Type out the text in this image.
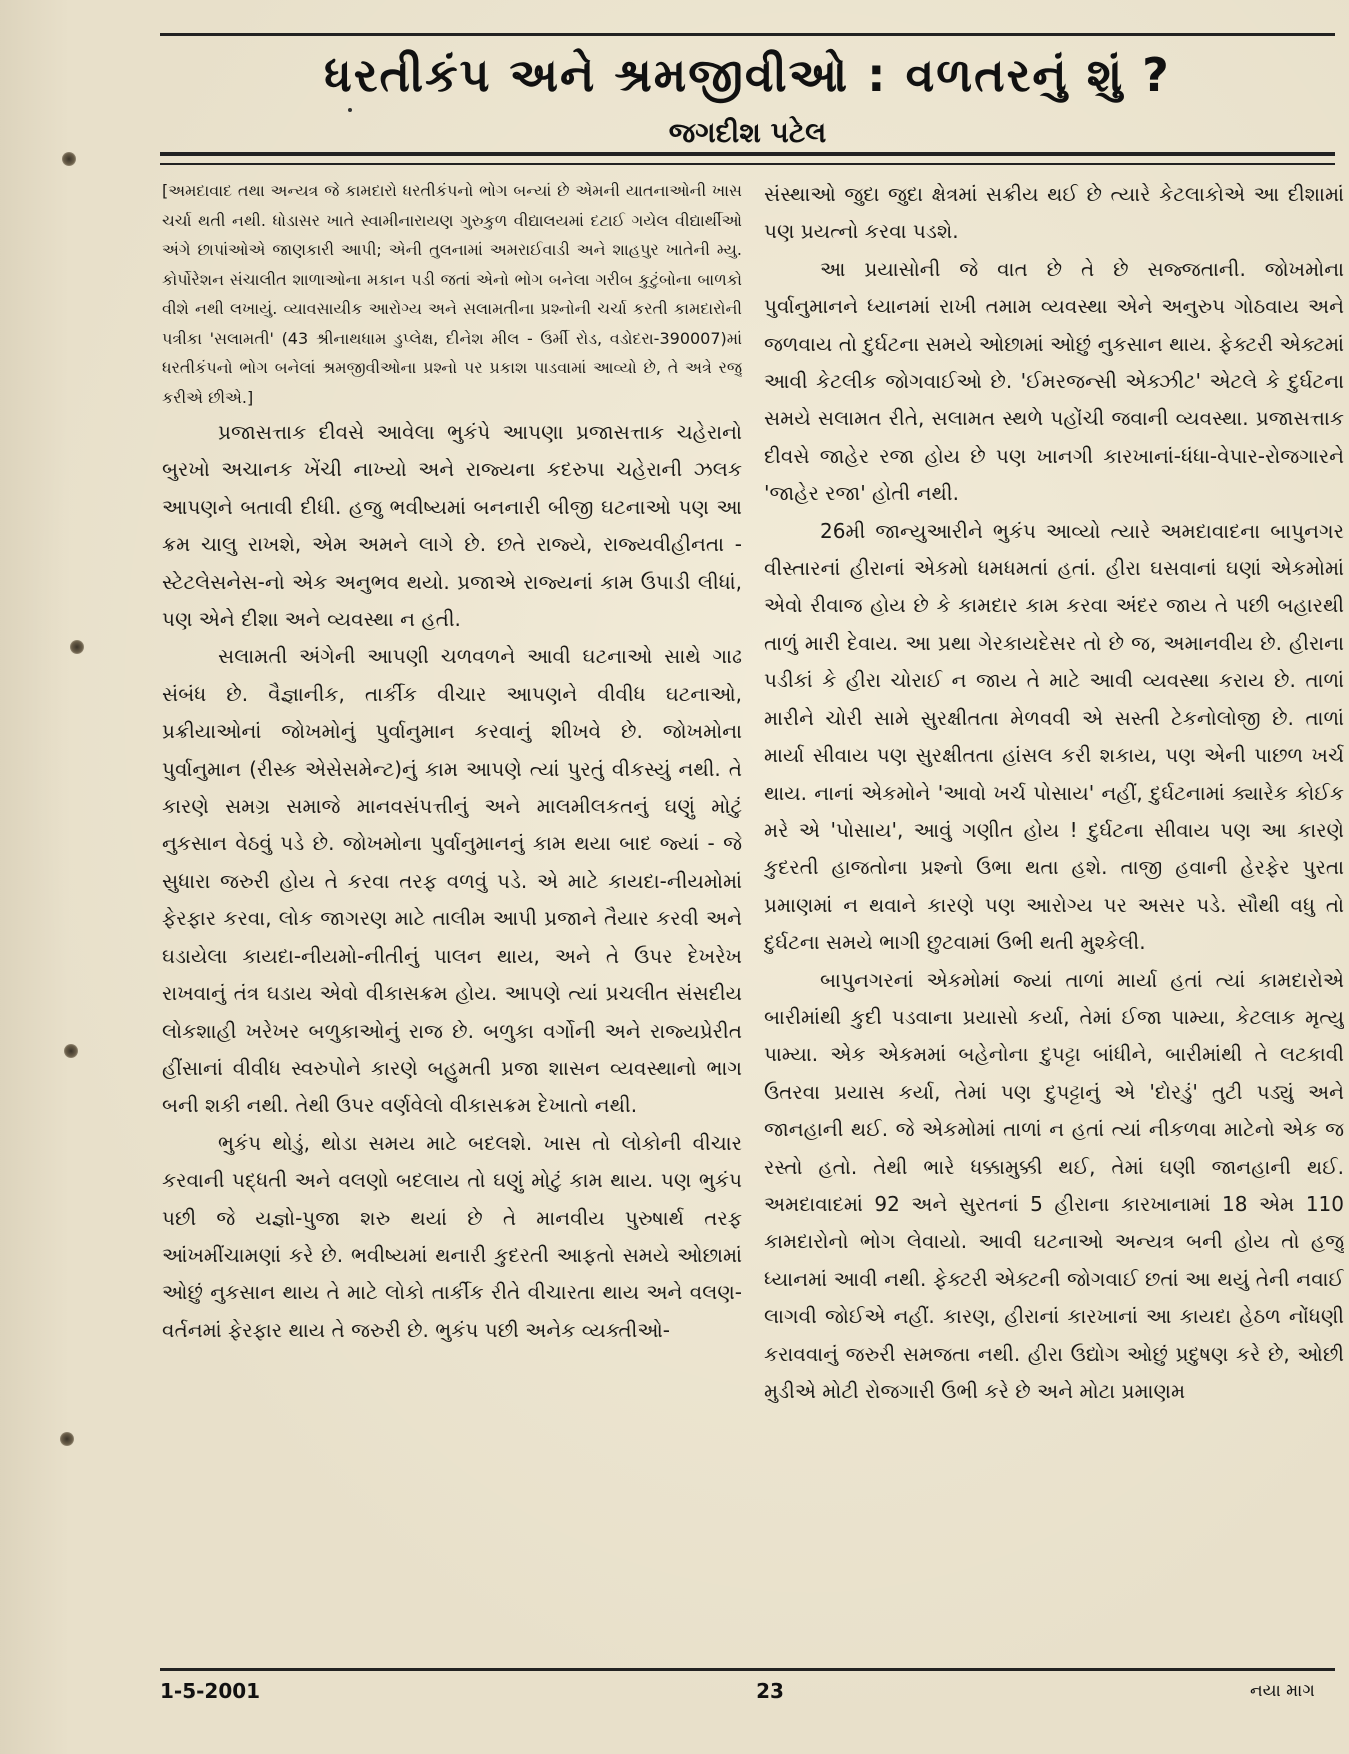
ધરતીકંપ અને શ્રમજીવીઓ : વળતરનું શું ?
જગદીશ પટેલ

[અમદાવાદ તથા અન્યત્ર જે કામદારો ધરતીકંપનો ભોગ બન્યાં છે એમની યાતનાઓની ખાસ ચર્ચા થતી નથી. ધોડાસર ખાતે સ્વામીનારાયણ ગુરુકુળ વીદ્યાલયમાં દટાઈ ગયેલ વીદ્યાર્થીઓ અંગે છાપાંઓએ જાણકારી આપી; એની તુલનામાં અમરાઈવાડી અને શાહપુર ખાતેની મ્યુ. કોર્પોરેશન સંચાલીત શાળાઓના મકાન પડી જતાં એનો ભોગ બનેલા ગરીબ કુટુંબોના બાળકો વીશે નથી લખાયું. વ્યાવસાયીક આરોગ્ય અને સલામતીના પ્રશ્નોની ચર્ચા કરતી કામદારોની પત્રીકા 'સલામતી' (43 શ્રીનાથધામ ડુપ્લેક્ષ, દીનેશ મીલ - ઉર્મી રોડ, વડોદરા-390007)માં ધરતીકંપનો ભોગ બનેલાં શ્રમજીવીઓના પ્રશ્નો પર પ્રકાશ પાડવામાં આવ્યો છે, તે અત્રે રજુ કરીએ છીએ.]

પ્રજાસત્તાક દીવસે આવેલા ભુકંપે આપણા પ્રજાસત્તાક ચહેરાનો બુરખો અચાનક ખેંચી નાખ્યો અને રાજ્યના કદરુપા ચહેરાની ઝલક આપણને બતાવી દીધી. હજુ ભવીષ્યમાં બનનારી બીજી ઘટનાઓ પણ આ ક્રમ ચાલુ રાખશે, એમ અમને લાગે છે. છતે રાજ્યે, રાજ્યવીહીનતા - સ્ટેટલેસનેસ-નો એક અનુભવ થયો. પ્રજાએ રાજ્યનાં કામ ઉપાડી લીધાં, પણ એને દીશા અને વ્યવસ્થા ન હતી.

સલામતી અંગેની આપણી ચળવળને આવી ઘટનાઓ સાથે ગાઢ સંબંધ છે. વૈજ્ઞાનીક, તાર્કીક વીચાર આપણને વીવીધ ઘટનાઓ, પ્રક્રીયાઓનાં જોખમોનું પુર્વાનુમાન કરવાનું શીખવે છે. જોખમોના પુર્વાનુમાન (રીસ્ક એસેસમેન્ટ)નું કામ આપણે ત્યાં પુરતું વીકસ્યું નથી. તે કારણે સમગ્ર સમાજે માનવસંપત્તીનું અને માલમીલકતનું ઘણું મોટું નુકસાન વેઠવું પડે છે. જોખમોના પુર્વાનુમાનનું કામ થયા બાદ જ્યાં - જે સુધારા જરુરી હોય તે કરવા તરફ વળવું પડે. એ માટે કાયદા-નીયમોમાં ફેરફાર કરવા, લોક જાગરણ માટે તાલીમ આપી પ્રજાને તૈયાર કરવી અને ઘડાયેલા કાયદા-નીયમો-નીતીનું પાલન થાય, અને તે ઉપર દેખરેખ રાખવાનું તંત્ર ઘડાય એવો વીકાસક્રમ હોય. આપણે ત્યાં પ્રચલીત સંસદીય લોકશાહી ખરેખર બળુકાઓનું રાજ છે. બળુકા વર્ગોની અને રાજ્યપ્રેરીત હીંસાનાં વીવીધ સ્વરુપોને કારણે બહુમતી પ્રજા શાસન વ્યવસ્થાનો ભાગ બની શકી નથી. તેથી ઉપર વર્ણવેલો વીકાસક્રમ દેખાતો નથી.

ભુકંપ થોડું, થોડા સમય માટે બદલશે. ખાસ તો લોકોની વીચાર કરવાની પદ્ધતી અને વલણો બદલાય તો ઘણું મોટું કામ થાય. પણ ભુકંપ પછી જે યજ્ઞો-પુજા શરુ થયાં છે તે માનવીય પુરુષાર્થ તરફ આંખમીંચામણાં કરે છે. ભવીષ્યમાં થનારી કુદરતી આફતો સમયે ઓછામાં ઓછું નુકસાન થાય તે માટે લોકો તાર્કીક રીતે વીચારતા થાય અને વલણ-વર્તનમાં ફેરફાર થાય તે જરુરી છે. ભુકંપ પછી અનેક વ્યક્તીઓ-

સંસ્થાઓ જુદા જુદા ક્ષેત્રમાં સક્રીય થઈ છે ત્યારે કેટલાકોએ આ દીશામાં પણ પ્રયત્નો કરવા પડશે.

આ પ્રયાસોની જે વાત છે તે છે સજ્જતાની. જોખમોના પુર્વાનુમાનને ધ્યાનમાં રાખી તમામ વ્યવસ્થા એને અનુરુપ ગોઠવાય અને જળવાય તો દુર્ઘટના સમયે ઓછામાં ઓછું નુકસાન થાય. ફેક્ટરી એક્ટમાં આવી કેટલીક જોગવાઈઓ છે. 'ઈમરજન્સી એક્ઝીટ' એટલે કે દુર્ઘટના સમયે સલામત રીતે, સલામત સ્થળે પહોંચી જવાની વ્યવસ્થા. પ્રજાસત્તાક દીવસે જાહેર રજા હોય છે પણ ખાનગી કારખાનાં-ધંધા-વેપાર-રોજગારને 'જાહેર રજા' હોતી નથી.

26મી જાન્યુઆરીને ભુકંપ આવ્યો ત્યારે અમદાવાદના બાપુનગર વીસ્તારનાં હીરાનાં એકમો ધમધમતાં હતાં. હીરા ઘસવાનાં ઘણાં એકમોમાં એવો રીવાજ હોય છે કે કામદાર કામ કરવા અંદર જાય તે પછી બહારથી તાળું મારી દેવાય. આ પ્રથા ગેરકાયદેસર તો છે જ, અમાનવીય છે. હીરાના પડીકાં કે હીરા ચોરાઈ ન જાય તે માટે આવી વ્યવસ્થા કરાય છે. તાળાં મારીને ચોરી સામે સુરક્ષીતતા મેળવવી એ સસ્તી ટેકનોલોજી છે. તાળાં માર્યા સીવાય પણ સુરક્ષીતતા હાંસલ કરી શકાય, પણ એની પાછળ ખર્ચ થાય. નાનાં એકમોને 'આવો ખર્ચ પોસાય' નહીં, દુર્ઘટનામાં ક્યારેક કોઈક મરે એ 'પોસાય', આવું ગણીત હોય ! દુર્ઘટના સીવાય પણ આ કારણે કુદરતી હાજતોના પ્રશ્નો ઉભા થતા હશે. તાજી હવાની હેરફેર પુરતા પ્રમાણમાં ન થવાને કારણે પણ આરોગ્ય પર અસર પડે. સૌથી વધુ તો દુર્ઘટના સમયે ભાગી છુટવામાં ઉભી થતી મુશ્કેલી.

બાપુનગરનાં એકમોમાં જ્યાં તાળાં માર્યા હતાં ત્યાં કામદારોએ બારીમાંથી કુદી પડવાના પ્રયાસો કર્યા, તેમાં ઈજા પામ્યા, કેટલાક મૃત્યુ પામ્યા. એક એકમમાં બહેનોના દુપટ્ટા બાંધીને, બારીમાંથી તે લટકાવી ઉતરવા પ્રયાસ કર્યા, તેમાં પણ દુપટ્ટાનું એ 'દોરડું' તુટી પડ્યું અને જાનહાની થઈ. જે એકમોમાં તાળાં ન હતાં ત્યાં નીકળવા માટેનો એક જ રસ્તો હતો. તેથી ભારે ધક્કામુક્કી થઈ, તેમાં ઘણી જાનહાની થઈ. અમદાવાદમાં 92 અને સુરતનાં 5 હીરાના કારખાનામાં 18 એમ 110 કામદારોનો ભોગ લેવાયો. આવી ઘટનાઓ અન્યત્ર બની હોય તો હજુ ધ્યાનમાં આવી નથી. ફેક્ટરી એક્ટની જોગવાઈ છતાં આ થયું તેની નવાઈ લાગવી જોઈએ નહીં. કારણ, હીરાનાં કારખાનાં આ કાયદા હેઠળ નોંધણી કરાવવાનું જરુરી સમજતા નથી. હીરા ઉદ્યોગ ઓછું પ્રદુષણ કરે છે, ઓછી મુડીએ મોટી રોજગારી ઉભી કરે છે અને મોટા પ્રમાણમ

1-5-2001	23	નયા માગ
